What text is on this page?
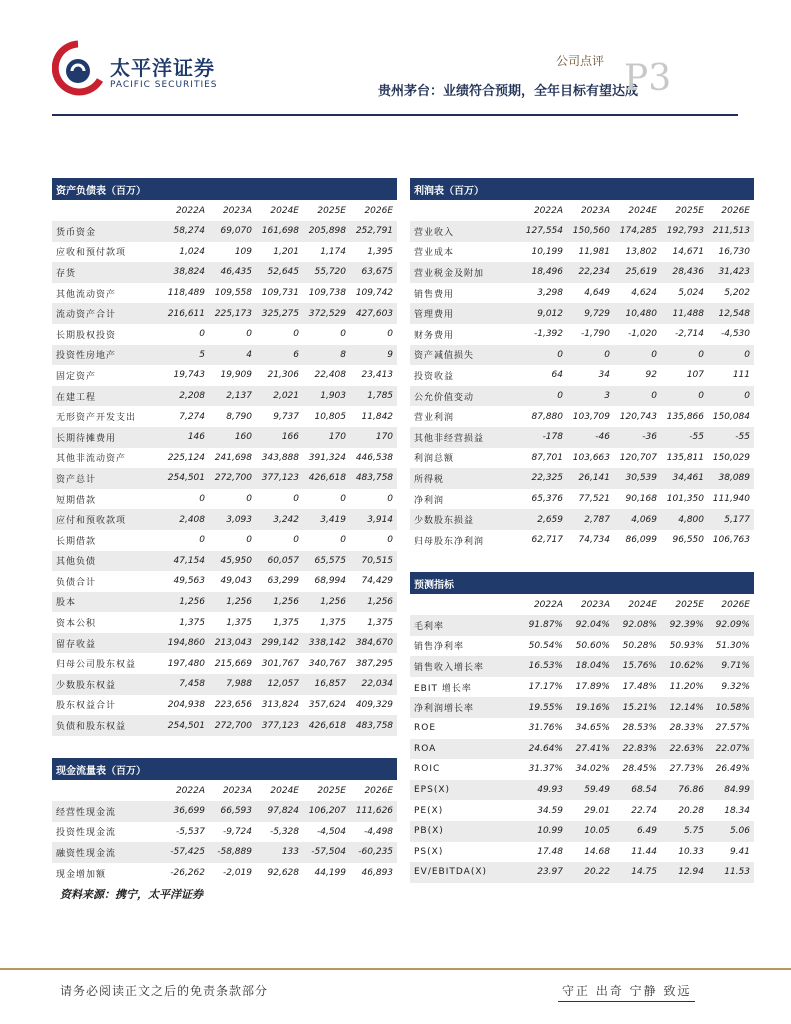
太平洋证券
PACIFIC SECURITIES
公司点评
贵州茅台：业绩符合预期，全年目标有望达成
P3
资产负债表（百万）					
	2022A	2023A	2024E	2025E	2026E
货币资金	58,274	69,070	161,698	205,898	252,791
应收和预付款项	1,024	109	1,201	1,174	1,395
存货	38,824	46,435	52,645	55,720	63,675
其他流动资产	118,489	109,558	109,731	109,738	109,742
流动资产合计	216,611	225,173	325,275	372,529	427,603
长期股权投资	0	0	0	0	0
投资性房地产	5	4	6	8	9
固定资产	19,743	19,909	21,306	22,408	23,413
在建工程	2,208	2,137	2,021	1,903	1,785
无形资产开发支出	7,274	8,790	9,737	10,805	11,842
长期待摊费用	146	160	166	170	170
其他非流动资产	225,124	241,698	343,888	391,324	446,538
资产总计	254,501	272,700	377,123	426,618	483,758
短期借款	0	0	0	0	0
应付和预收款项	2,408	3,093	3,242	3,419	3,914
长期借款	0	0	0	0	0
其他负债	47,154	45,950	60,057	65,575	70,515
负债合计	49,563	49,043	63,299	68,994	74,429
股本	1,256	1,256	1,256	1,256	1,256
资本公积	1,375	1,375	1,375	1,375	1,375
留存收益	194,860	213,043	299,142	338,142	384,670
归母公司股东权益	197,480	215,669	301,767	340,767	387,295
少数股东权益	7,458	7,988	12,057	16,857	22,034
股东权益合计	204,938	223,656	313,824	357,624	409,329
负债和股东权益	254,501	272,700	377,123	426,618	483,758
利润表（百万）					
	2022A	2023A	2024E	2025E	2026E
营业收入	127,554	150,560	174,285	192,793	211,513
营业成本	10,199	11,981	13,802	14,671	16,730
营业税金及附加	18,496	22,234	25,619	28,436	31,423
销售费用	3,298	4,649	4,624	5,024	5,202
管理费用	9,012	9,729	10,480	11,488	12,548
财务费用	-1,392	-1,790	-1,020	-2,714	-4,530
资产减值损失	0	0	0	0	0
投资收益	64	34	92	107	111
公允价值变动	0	3	0	0	0
营业利润	87,880	103,709	120,743	135,866	150,084
其他非经营损益	-178	-46	-36	-55	-55
利润总额	87,701	103,663	120,707	135,811	150,029
所得税	22,325	26,141	30,539	34,461	38,089
净利润	65,376	77,521	90,168	101,350	111,940
少数股东损益	2,659	2,787	4,069	4,800	5,177
归母股东净利润	62,717	74,734	86,099	96,550	106,763

预测指标					
	2022A	2023A	2024E	2025E	2026E
毛利率	91.87%	92.04%	92.08%	92.39%	92.09%
销售净利率	50.54%	50.60%	50.28%	50.93%	51.30%
销售收入增长率	16.53%	18.04%	15.76%	10.62%	9.71%
EBIT 增长率	17.17%	17.89%	17.48%	11.20%	9.32%
净利润增长率	19.55%	19.16%	15.21%	12.14%	10.58%
ROE	31.76%	34.65%	28.53%	28.33%	27.57%
ROA	24.64%	27.41%	22.83%	22.63%	22.07%
ROIC	31.37%	34.02%	28.45%	27.73%	26.49%
EPS(X)	49.93	59.49	68.54	76.86	84.99
PE(X)	34.59	29.01	22.74	20.28	18.34
PB(X)	10.99	10.05	6.49	5.75	5.06
PS(X)	17.48	14.68	11.44	10.33	9.41
EV/EBITDA(X)	23.97	20.22	14.75	12.94	11.53
现金流量表（百万）					
	2022A	2023A	2024E	2025E	2026E
经营性现金流	36,699	66,593	97,824	106,207	111,626
投资性现金流	-5,537	-9,724	-5,328	-4,504	-4,498
融资性现金流	-57,425	-58,889	133	-57,504	-60,235
现金增加额	-26,262	-2,019	92,628	44,199	46,893
资料来源：携宁，太平洋证券
请务必阅读正文之后的免责条款部分	守正 出奇 宁静 致远
